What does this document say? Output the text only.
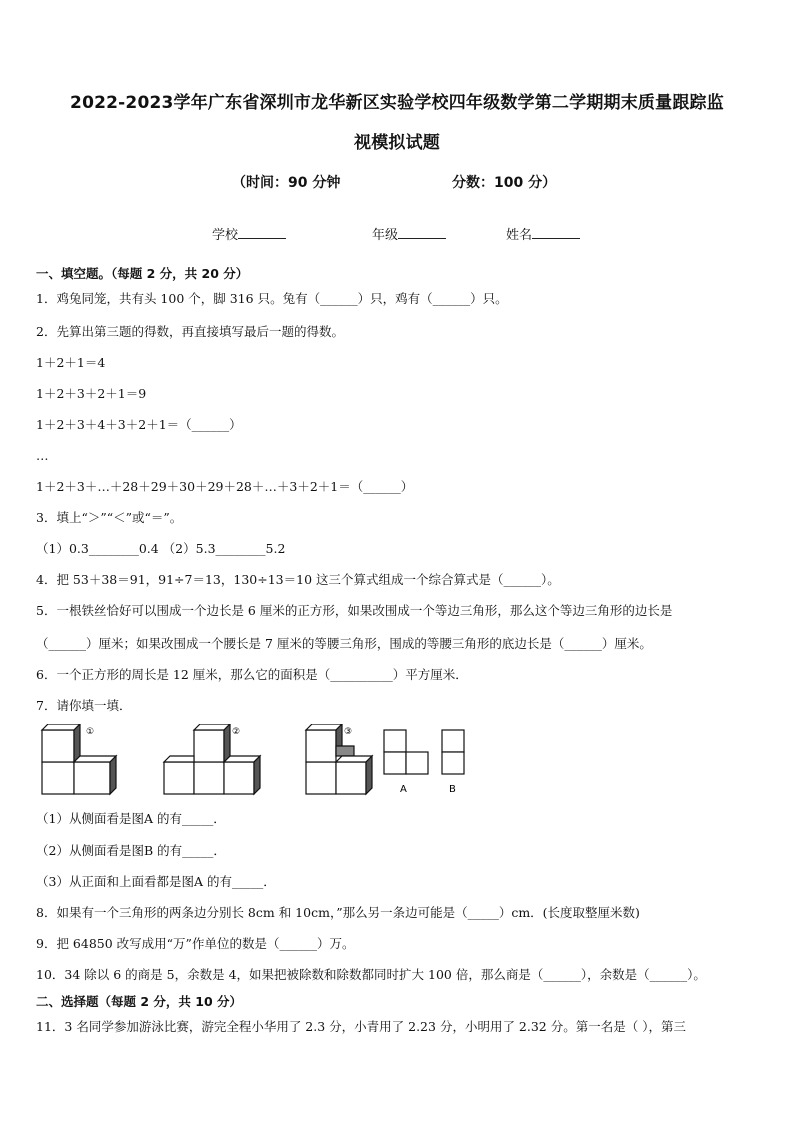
2022-2023学年广东省深圳市龙华新区实验学校四年级数学第二学期期末质量跟踪监
视模拟试题
（时间：90 分钟	分数：100 分）
学校	年级	姓名
一、填空题。（每题 2 分，共 20 分）
1．鸡兔同笼，共有头 100 个，脚 316 只。兔有（______）只，鸡有（______）只。
2．先算出第三题的得数，再直接填写最后一题的得数。
1＋2＋1＝4
1＋2＋3＋2＋1＝9
1＋2＋3＋4＋3＋2＋1＝（______）
…
1＋2＋3＋…＋28＋29＋30＋29＋28＋…＋3＋2＋1＝（______）
3．填上“＞”“＜”或“＝”。
（1）0.3________0.4 （2）5.3________5.2
4．把 53＋38＝91，91÷7＝13，130÷13＝10 这三个算式组成一个综合算式是（______）。
5．一根铁丝恰好可以围成一个边长是 6 厘米的正方形，如果改围成一个等边三角形，那么这个等边三角形的边长是
（______）厘米；如果改围成一个腰长是 7 厘米的等腰三角形，围成的等腰三角形的底边长是（______）厘米。
6．一个正方形的周长是 12 厘米，那么它的面积是（__________）平方厘米．
7．请你填一填．
①	②	③
A	B
（1）从侧面看是图A 的有_____．
（2）从侧面看是图B 的有_____．
（3）从正面和上面看都是图A 的有_____．
8．如果有一个三角形的两条边分别长 8cm 和 10cm，”那么另一条边可能是（_____）cm．(长度取整厘米数)
9．把 64850 改写成用“万”作单位的数是（______）万。
10．34 除以 6 的商是 5，余数是 4，如果把被除数和除数都同时扩大 100 倍，那么商是（______），余数是（______）。
二、选择题（每题 2 分，共 10 分）
11．3 名同学参加游泳比赛，游完全程小华用了 2.3 分，小青用了 2.23 分，小明用了 2.32 分。第一名是（ ），第三
